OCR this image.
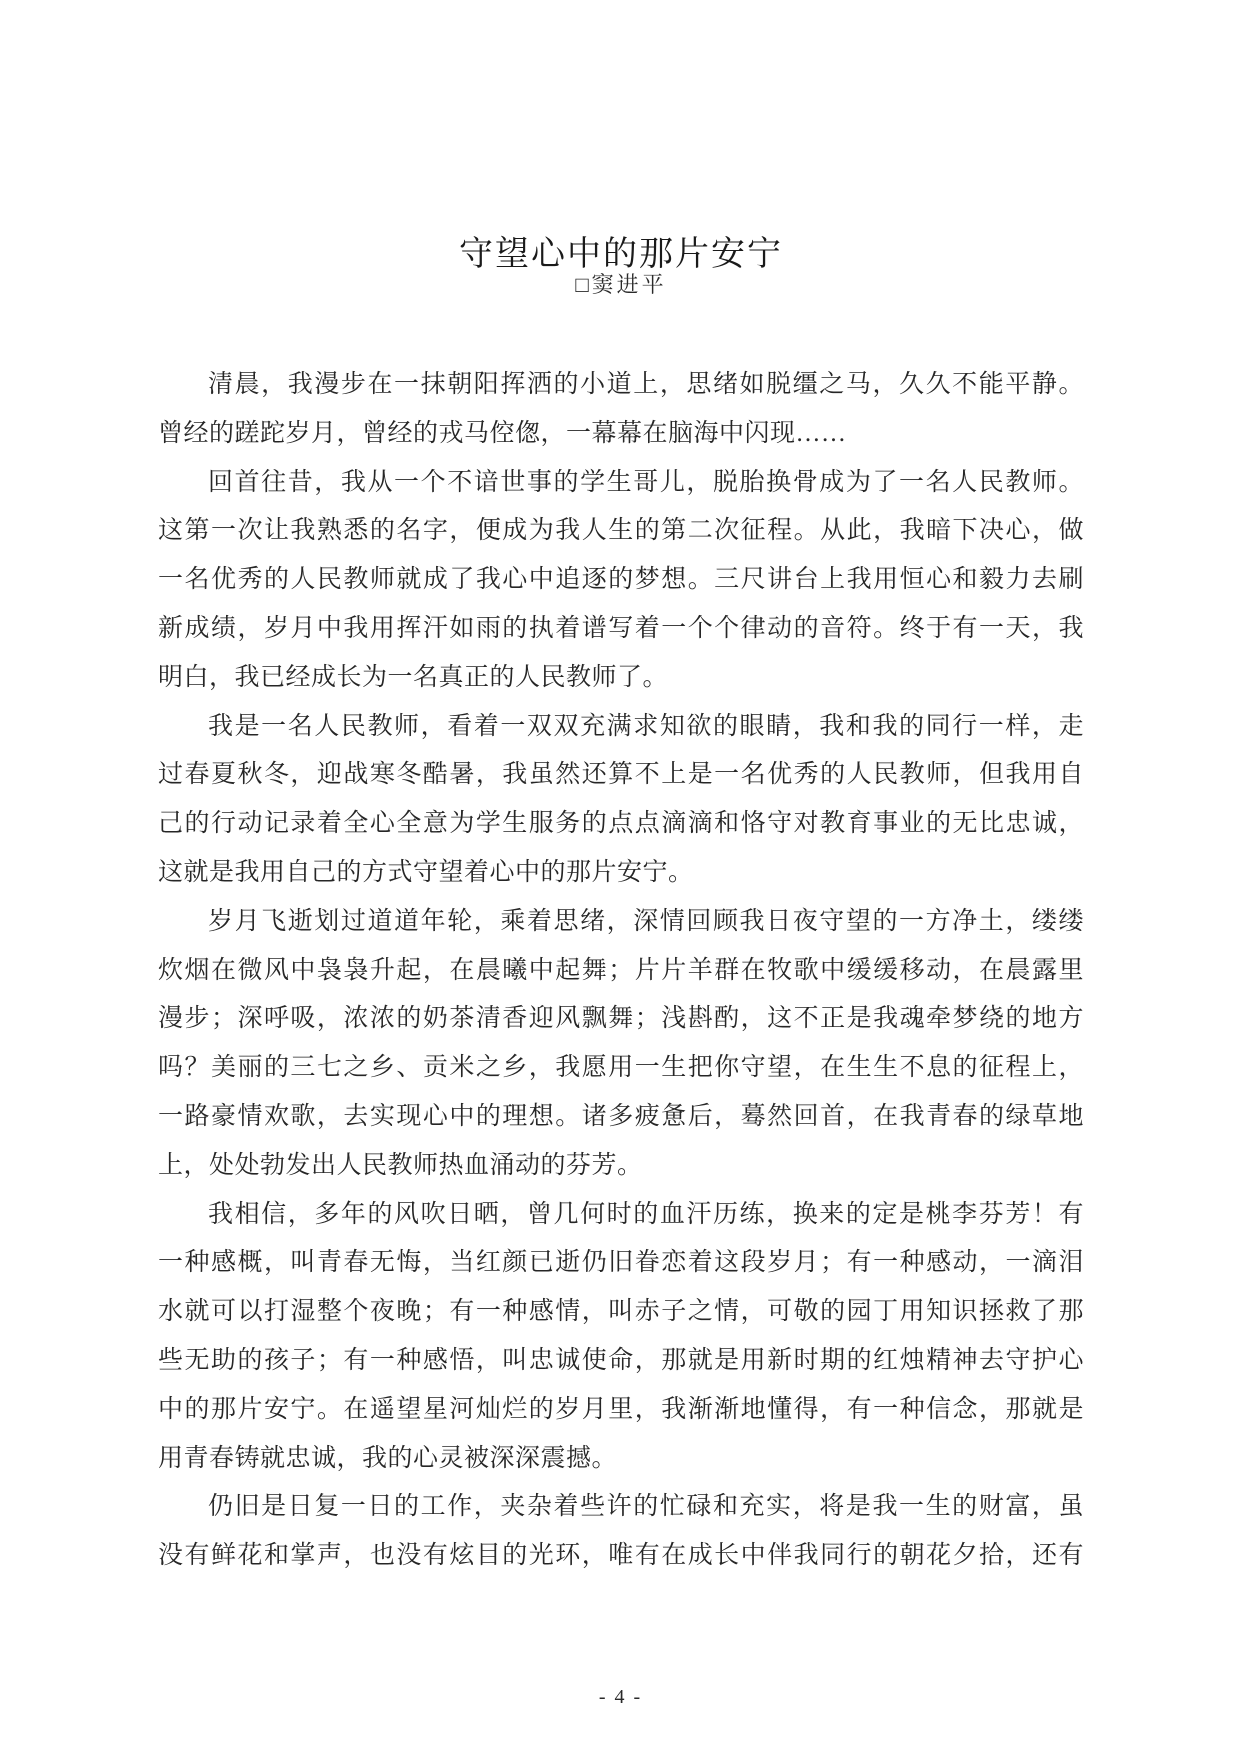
守望心中的那片安宁
□窦进平
清晨，我漫步在一抹朝阳挥洒的小道上，思绪如脱缰之马，久久不能平静。
曾经的蹉跎岁月，曾经的戎马倥偬，一幕幕在脑海中闪现……
回首往昔，我从一个不谙世事的学生哥儿，脱胎换骨成为了一名人民教师。
这第一次让我熟悉的名字，便成为我人生的第二次征程。从此，我暗下决心，做
一名优秀的人民教师就成了我心中追逐的梦想。三尺讲台上我用恒心和毅力去刷
新成绩，岁月中我用挥汗如雨的执着谱写着一个个律动的音符。终于有一天，我
明白，我已经成长为一名真正的人民教师了。
我是一名人民教师，看着一双双充满求知欲的眼睛，我和我的同行一样，走
过春夏秋冬，迎战寒冬酷暑，我虽然还算不上是一名优秀的人民教师，但我用自
己的行动记录着全心全意为学生服务的点点滴滴和恪守对教育事业的无比忠诚，
这就是我用自己的方式守望着心中的那片安宁。
岁月飞逝划过道道年轮，乘着思绪，深情回顾我日夜守望的一方净土，缕缕
炊烟在微风中袅袅升起，在晨曦中起舞；片片羊群在牧歌中缓缓移动，在晨露里
漫步；深呼吸，浓浓的奶茶清香迎风飘舞；浅斟酌，这不正是我魂牵梦绕的地方
吗？美丽的三七之乡、贡米之乡，我愿用一生把你守望，在生生不息的征程上，
一路豪情欢歌，去实现心中的理想。诸多疲惫后，蓦然回首，在我青春的绿草地
上，处处勃发出人民教师热血涌动的芬芳。
我相信，多年的风吹日晒，曾几何时的血汗历练，换来的定是桃李芬芳！有
一种感概，叫青春无悔，当红颜已逝仍旧眷恋着这段岁月；有一种感动，一滴泪
水就可以打湿整个夜晚；有一种感情，叫赤子之情，可敬的园丁用知识拯救了那
些无助的孩子；有一种感悟，叫忠诚使命，那就是用新时期的红烛精神去守护心
中的那片安宁。在遥望星河灿烂的岁月里，我渐渐地懂得，有一种信念，那就是
用青春铸就忠诚，我的心灵被深深震撼。
仍旧是日复一日的工作，夹杂着些许的忙碌和充实，将是我一生的财富，虽
没有鲜花和掌声，也没有炫目的光环，唯有在成长中伴我同行的朝花夕拾，还有
- 4 -
